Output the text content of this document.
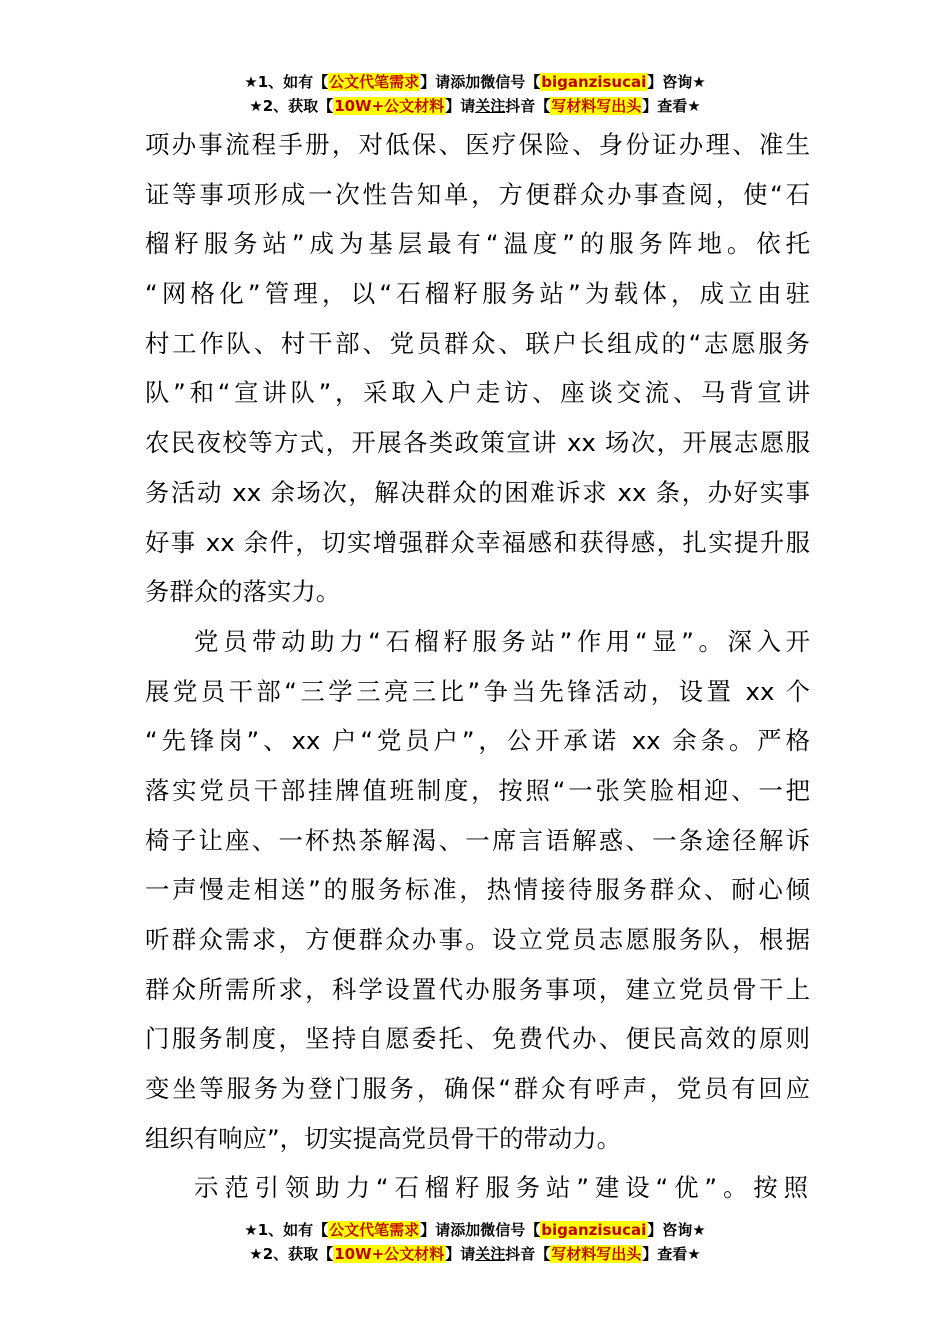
★1、如有【公文代笔需求】请添加微信号【biganzisucai】咨询★
★2、获取【10W+公文材料】请关注抖音【写材料写出头】查看★
项办事流程手册，对低保、医疗保险、身份证办理、准生
证等事项形成一次性告知单，方便群众办事查阅，使“石
榴籽服务站”成为基层最有“温度”的服务阵地。依托
“网格化”管理，以“石榴籽服务站”为载体，成立由驻
村工作队、村干部、党员群众、联户长组成的“志愿服务
队”和“宣讲队”，采取入户走访、座谈交流、马背宣讲
农民夜校等方式，开展各类政策宣讲 xx 场次，开展志愿服
务活动 xx 余场次，解决群众的困难诉求 xx 条，办好实事
好事 xx 余件，切实增强群众幸福感和获得感，扎实提升服
务群众的落实力。
党员带动助力“石榴籽服务站”作用“显”。深入开
展党员干部“三学三亮三比”争当先锋活动，设置 xx 个
“先锋岗”、xx 户“党员户”，公开承诺 xx 余条。严格
落实党员干部挂牌值班制度，按照“一张笑脸相迎、一把
椅子让座、一杯热茶解渴、一席言语解惑、一条途径解诉
一声慢走相送”的服务标准，热情接待服务群众、耐心倾
听群众需求，方便群众办事。设立党员志愿服务队，根据
群众所需所求，科学设置代办服务事项，建立党员骨干上
门服务制度，坚持自愿委托、免费代办、便民高效的原则
变坐等服务为登门服务，确保“群众有呼声，党员有回应
组织有响应”，切实提高党员骨干的带动力。
示范引领助力“石榴籽服务站”建设“优”。按照
★1、如有【公文代笔需求】请添加微信号【biganzisucai】咨询★
★2、获取【10W+公文材料】请关注抖音【写材料写出头】查看★
